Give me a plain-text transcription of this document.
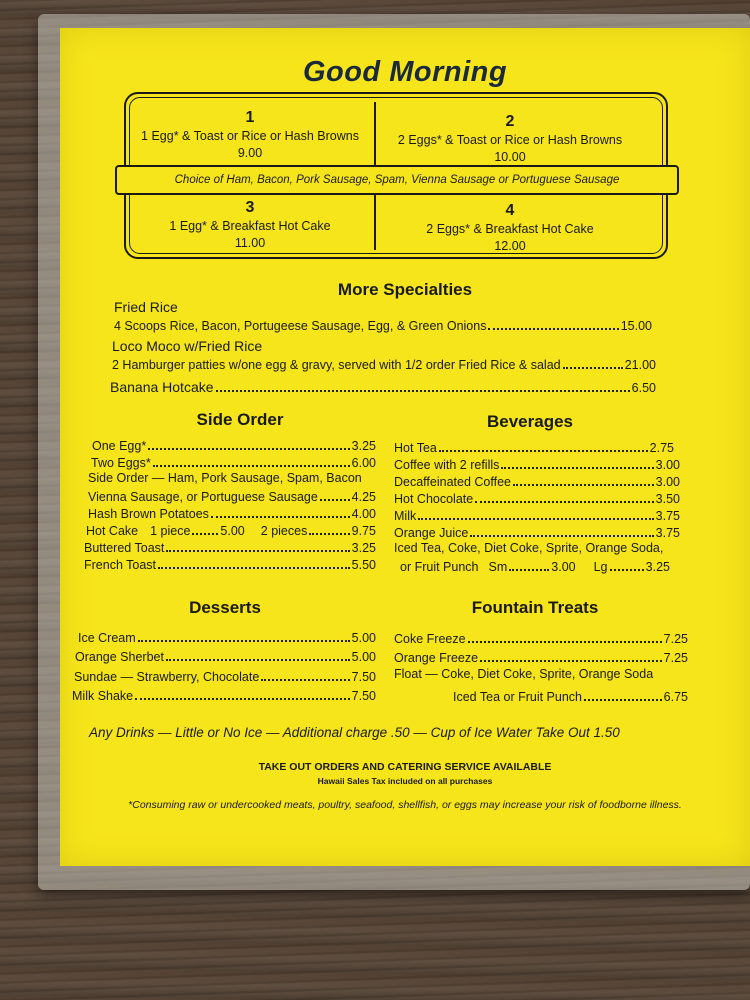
Good Morning
1
1 Egg* & Toast or Rice or Hash Browns
9.00
2
2 Eggs* & Toast or Rice or Hash Browns
10.00
Choice of Ham, Bacon, Pork Sausage, Spam, Vienna Sausage or Portuguese Sausage
3
1 Egg* & Breakfast Hot Cake
11.00
4
2 Eggs* & Breakfast Hot Cake
12.00
More Specialties
Fried Rice
4 Scoops Rice, Bacon, Portugeese Sausage, Egg, & Green Onions	15.00
Loco Moco w/Fried Rice
2 Hamburger patties w/one egg & gravy, served with 1/2 order Fried Rice & salad	21.00
Banana Hotcake	6.50
Side Order
One Egg*	3.25
Two Eggs*	6.00
Side Order — Ham, Pork Sausage, Spam, Bacon
Vienna Sausage, or Portuguese Sausage	4.25
Hash Brown Potatoes	4.00
Hot Cake 1 piece 5.00 2 pieces	9.75
Buttered Toast	3.25
French Toast	5.50
Beverages
Hot Tea	2.75
Coffee with 2 refills	3.00
Decaffeinated Coffee	3.00
Hot Chocolate	3.50
Milk	3.75
Orange Juice	3.75
Iced Tea, Coke, Diet Coke, Sprite, Orange Soda,
or Fruit Punch Sm	3.00 Lg	3.25
Desserts
Ice Cream	5.00
Orange Sherbet	5.00
Sundae — Strawberry, Chocolate	7.50
Milk Shake	7.50
Fountain Treats
Coke Freeze	7.25
Orange Freeze	7.25
Float — Coke, Diet Coke, Sprite, Orange Soda
Iced Tea or Fruit Punch	6.75
Any Drinks — Little or No Ice — Additional charge .50 — Cup of Ice Water Take Out 1.50
TAKE OUT ORDERS AND CATERING SERVICE AVAILABLE
Hawaii Sales Tax included on all purchases
*Consuming raw or undercooked meats, poultry, seafood, shellfish, or eggs may increase your risk of foodborne illness.
